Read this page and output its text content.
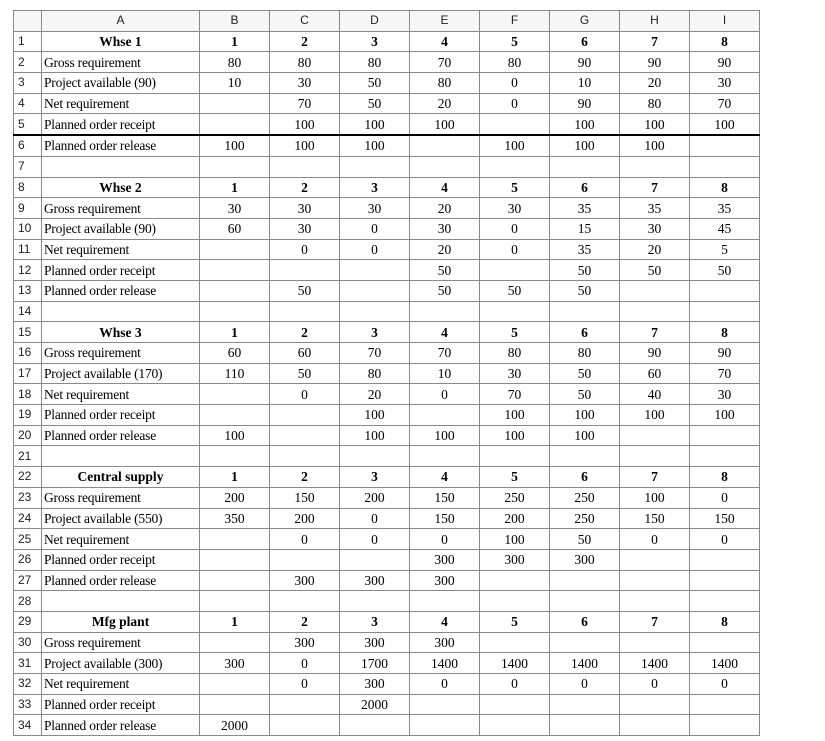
	A	B	C	D	E	F	G	H	I
1	Whse 1	1	2	3	4	5	6	7	8
2	Gross requirement	80	80	80	70	80	90	90	90
3	Project available (90)	10	30	50	80	0	10	20	30
4	Net requirement		70	50	20	0	90	80	70
5	Planned order receipt		100	100	100		100	100	100
6	Planned order release	100	100	100		100	100	100	
7									
8	Whse 2	1	2	3	4	5	6	7	8
9	Gross requirement	30	30	30	20	30	35	35	35
10	Project available (90)	60	30	0	30	0	15	30	45
11	Net requirement		0	0	20	0	35	20	5
12	Planned order receipt				50		50	50	50
13	Planned order release		50		50	50	50		
14									
15	Whse 3	1	2	3	4	5	6	7	8
16	Gross requirement	60	60	70	70	80	80	90	90
17	Project available (170)	110	50	80	10	30	50	60	70
18	Net requirement		0	20	0	70	50	40	30
19	Planned order receipt			100		100	100	100	100
20	Planned order release	100		100	100	100	100		
21									
22	Central supply	1	2	3	4	5	6	7	8
23	Gross requirement	200	150	200	150	250	250	100	0
24	Project available (550)	350	200	0	150	200	250	150	150
25	Net requirement		0	0	0	100	50	0	0
26	Planned order receipt				300	300	300		
27	Planned order release		300	300	300				
28									
29	Mfg plant	1	2	3	4	5	6	7	8
30	Gross requirement		300	300	300				
31	Project available (300)	300	0	1700	1400	1400	1400	1400	1400
32	Net requirement		0	300	0	0	0	0	0
33	Planned order receipt			2000					
34	Planned order release	2000							
